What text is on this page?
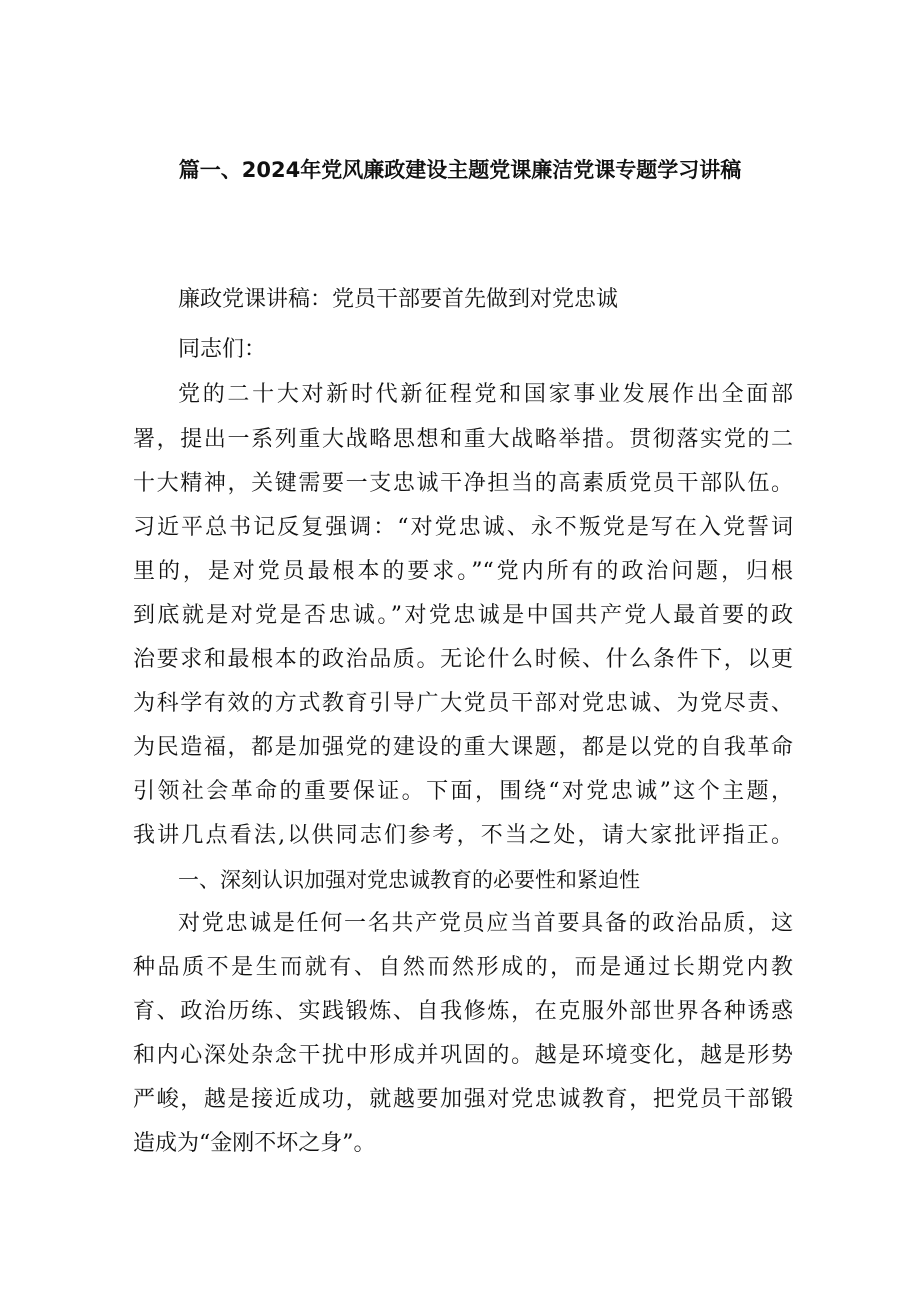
篇一、2024年党风廉政建设主题党课廉洁党课专题学习讲稿
廉政党课讲稿：党员干部要首先做到对党忠诚
同志们：
党的二十大对新时代新征程党和国家事业发展作出全面部
署，提出一系列重大战略思想和重大战略举措。贯彻落实党的二
十大精神，关键需要一支忠诚干净担当的高素质党员干部队伍。
习近平总书记反复强调：“对党忠诚、永不叛党是写在入党誓词
里的，是对党员最根本的要求。”“党内所有的政治问题，归根
到底就是对党是否忠诚。”对党忠诚是中国共产党人最首要的政
治要求和最根本的政治品质。无论什么时候、什么条件下，以更
为科学有效的方式教育引导广大党员干部对党忠诚、为党尽责、
为民造福，都是加强党的建设的重大课题，都是以党的自我革命
引领社会革命的重要保证。下面，围绕“对党忠诚”这个主题，
我讲几点看法,以供同志们参考，不当之处，请大家批评指正。
一、深刻认识加强对党忠诚教育的必要性和紧迫性
对党忠诚是任何一名共产党员应当首要具备的政治品质，这
种品质不是生而就有、自然而然形成的，而是通过长期党内教
育、政治历练、实践锻炼、自我修炼，在克服外部世界各种诱惑
和内心深处杂念干扰中形成并巩固的。越是环境变化，越是形势
严峻，越是接近成功，就越要加强对党忠诚教育，把党员干部锻
造成为“金刚不坏之身”。
